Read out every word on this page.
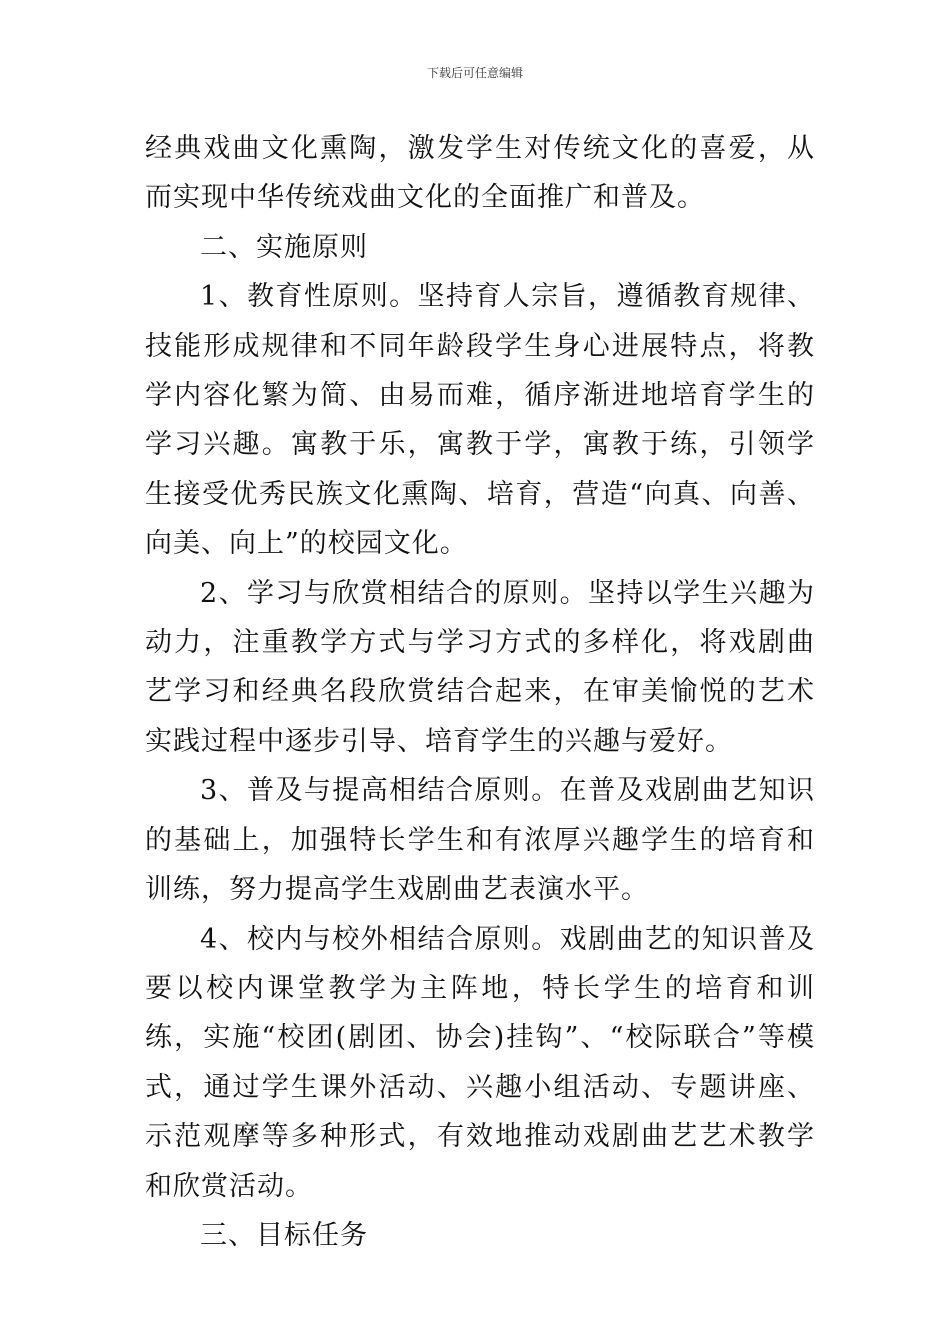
下载后可任意编辑

经典戏曲文化熏陶，激发学生对传统文化的喜爱，从而实现中华传统戏曲文化的全面推广和普及。

二、实施原则

1、教育性原则。坚持育人宗旨，遵循教育规律、技能形成规律和不同年龄段学生身心进展特点，将教学内容化繁为简、由易而难，循序渐进地培育学生的学习兴趣。寓教于乐，寓教于学，寓教于练，引领学生接受优秀民族文化熏陶、培育，营造“向真、向善、向美、向上”的校园文化。

2、学习与欣赏相结合的原则。坚持以学生兴趣为动力，注重教学方式与学习方式的多样化，将戏剧曲艺学习和经典名段欣赏结合起来，在审美愉悦的艺术实践过程中逐步引导、培育学生的兴趣与爱好。

3、普及与提高相结合原则。在普及戏剧曲艺知识的基础上，加强特长学生和有浓厚兴趣学生的培育和训练，努力提高学生戏剧曲艺表演水平。

4、校内与校外相结合原则。戏剧曲艺的知识普及要以校内课堂教学为主阵地，特长学生的培育和训练，实施“校团(剧团、协会)挂钩”、“校际联合”等模式，通过学生课外活动、兴趣小组活动、专题讲座、示范观摩等多种形式，有效地推动戏剧曲艺艺术教学和欣赏活动。

三、目标任务
